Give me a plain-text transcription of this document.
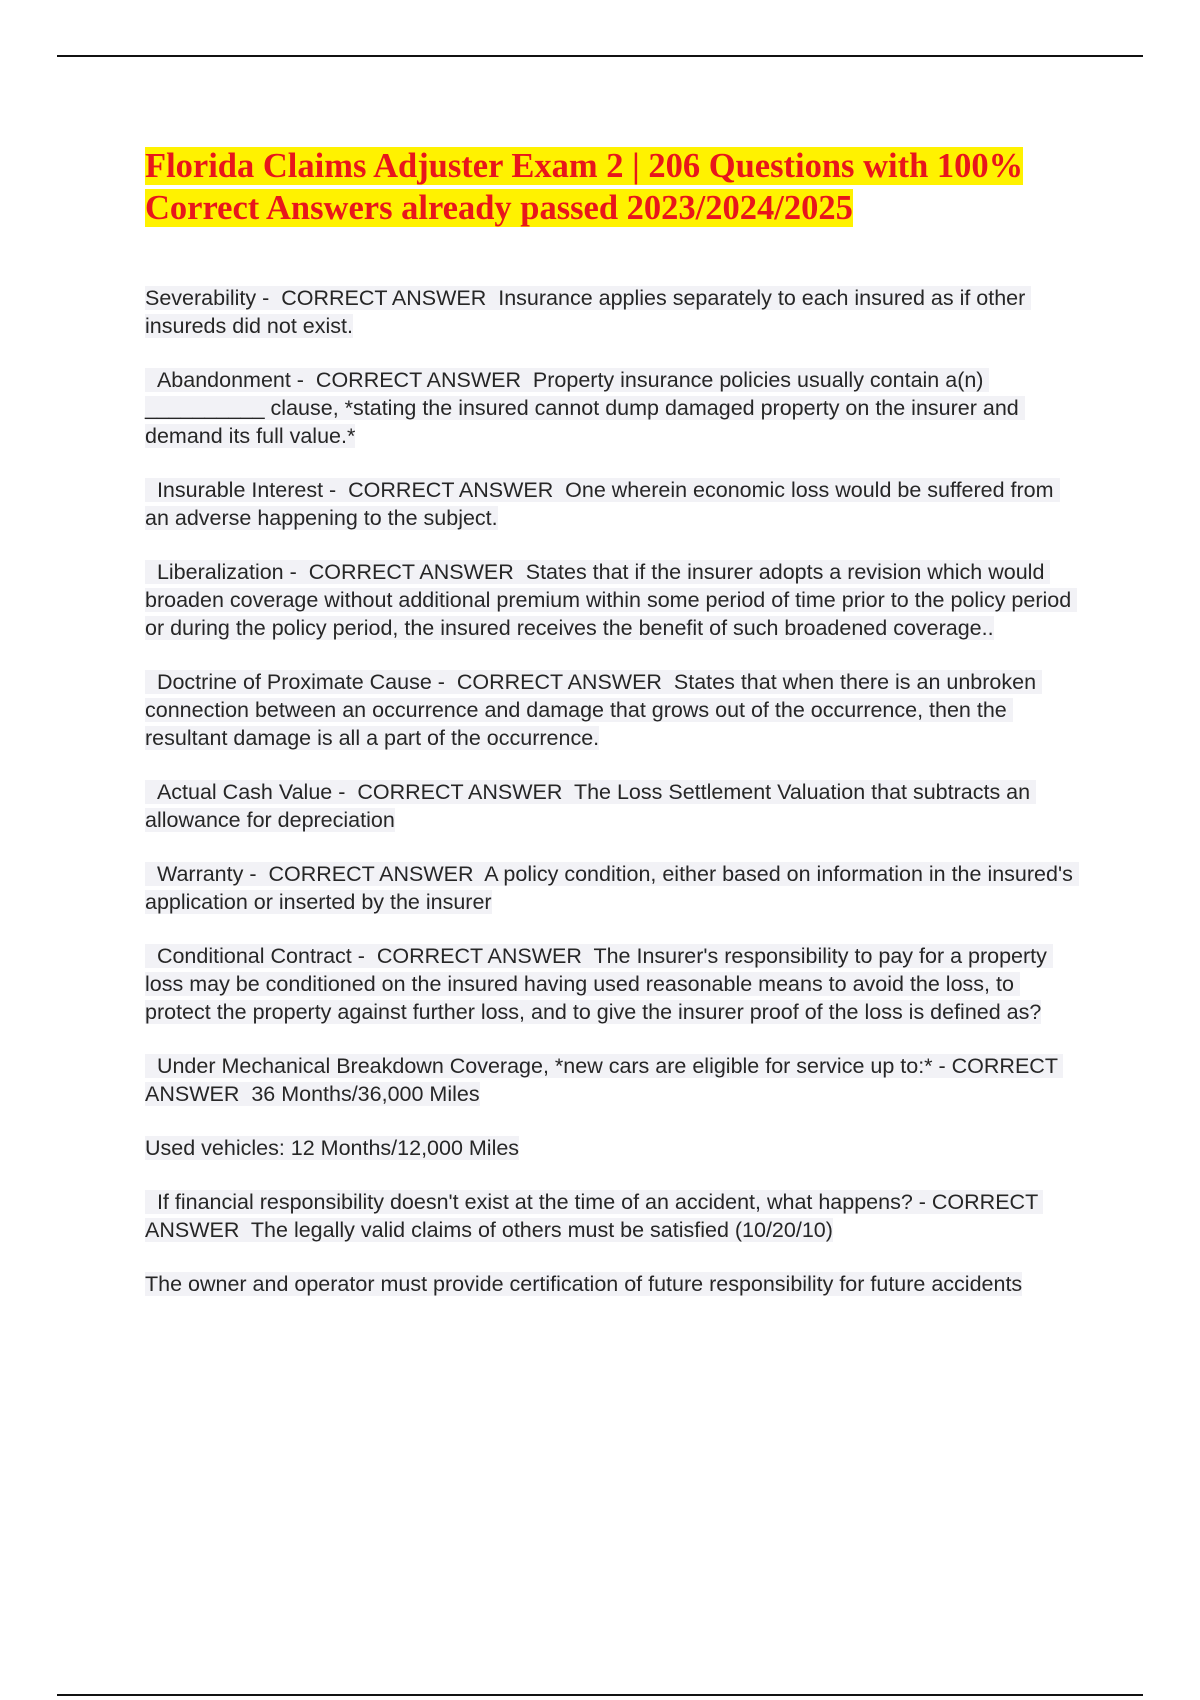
Florida Claims Adjuster Exam 2 | 206 Questions with 100% Correct Answers already passed 2023/2024/2025

Severability -  CORRECT ANSWER  Insurance applies separately to each insured as if other insureds did not exist.

Abandonment -  CORRECT ANSWER  Property insurance policies usually contain a(n) __________ clause, *stating the insured cannot dump damaged property on the insurer and demand its full value.*

Insurable Interest -  CORRECT ANSWER  One wherein economic loss would be suffered from an adverse happening to the subject.

Liberalization -  CORRECT ANSWER  States that if the insurer adopts a revision which would broaden coverage without additional premium within some period of time prior to the policy period or during the policy period, the insured receives the benefit of such broadened coverage..

Doctrine of Proximate Cause -  CORRECT ANSWER  States that when there is an unbroken connection between an occurrence and damage that grows out of the occurrence, then the resultant damage is all a part of the occurrence.

Actual Cash Value -  CORRECT ANSWER  The Loss Settlement Valuation that subtracts an allowance for depreciation

Warranty -  CORRECT ANSWER  A policy condition, either based on information in the insured's application or inserted by the insurer

Conditional Contract -  CORRECT ANSWER  The Insurer's responsibility to pay for a property loss may be conditioned on the insured having used reasonable means to avoid the loss, to protect the property against further loss, and to give the insurer proof of the loss is defined as?

Under Mechanical Breakdown Coverage, *new cars are eligible for service up to:* - CORRECT ANSWER  36 Months/36,000 Miles

Used vehicles: 12 Months/12,000 Miles

If financial responsibility doesn't exist at the time of an accident, what happens? - CORRECT ANSWER  The legally valid claims of others must be satisfied (10/20/10)

The owner and operator must provide certification of future responsibility for future accidents
